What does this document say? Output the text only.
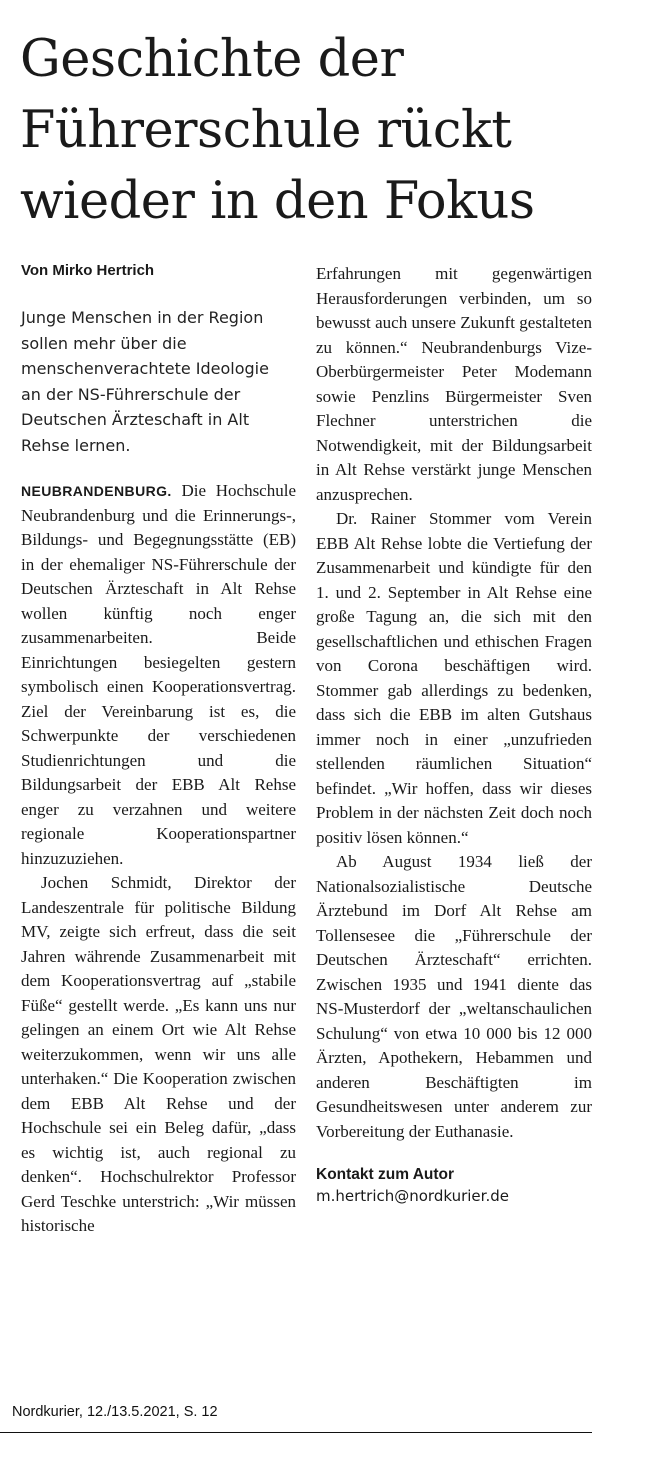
Geschichte der Führerschule rückt wieder in den Fokus

Von Mirko Hertrich

Junge Menschen in der Region sollen mehr über die menschenverachtete Ideologie an der NS-Führerschule der Deutschen Ärzteschaft in Alt Rehse lernen.

NEUBRANDENBURG. Die Hochschule Neubrandenburg und die Erinnerungs-, Bildungs- und Begegnungsstätte (EB) in der ehemaliger NS-Führerschule der Deutschen Ärzteschaft in Alt Rehse wollen künftig noch enger zusammenarbeiten. Beide Einrichtungen besiegelten gestern symbolisch einen Kooperationsvertrag. Ziel der Vereinbarung ist es, die Schwerpunkte der verschiedenen Studienrichtungen und die Bildungsarbeit der EBB Alt Rehse enger zu verzahnen und weitere regionale Kooperationspartner hinzuzuziehen.

Jochen Schmidt, Direktor der Landeszentrale für politische Bildung MV, zeigte sich erfreut, dass die seit Jahren währende Zusammenarbeit mit dem Kooperationsvertrag auf „stabile Füße“ gestellt werde. „Es kann uns nur gelingen an einem Ort wie Alt Rehse weiterzukommen, wenn wir uns alle unterhaken.“ Die Kooperation zwischen dem EBB Alt Rehse und der Hochschule sei ein Beleg dafür, „dass es wichtig ist, auch regional zu denken“. Hochschulrektor Professor Gerd Teschke unterstrich: „Wir müssen historische

Erfahrungen mit gegenwärtigen Herausforderungen verbinden, um so bewusst auch unsere Zukunft gestalteten zu können.“ Neubrandenburgs Vize-Oberbürgermeister Peter Modemann sowie Penzlins Bürgermeister Sven Flechner unterstrichen die Notwendigkeit, mit der Bildungsarbeit in Alt Rehse verstärkt junge Menschen anzusprechen.

Dr. Rainer Stommer vom Verein EBB Alt Rehse lobte die Vertiefung der Zusammenarbeit und kündigte für den 1. und 2. September in Alt Rehse eine große Tagung an, die sich mit den gesellschaftlichen und ethischen Fragen von Corona beschäftigen wird. Stommer gab allerdings zu bedenken, dass sich die EBB im alten Gutshaus immer noch in einer „unzufrieden stellenden räumlichen Situation“ befindet. „Wir hoffen, dass wir dieses Problem in der nächsten Zeit doch noch positiv lösen können.“

Ab August 1934 ließ der Nationalsozialistische Deutsche Ärztebund im Dorf Alt Rehse am Tollensesee die „Führerschule der Deutschen Ärzteschaft“ errichten. Zwischen 1935 und 1941 diente das NS-Musterdorf der „weltanschaulichen Schulung“ von etwa 10 000 bis 12 000 Ärzten, Apothekern, Hebammen und anderen Beschäftigten im Gesundheitswesen unter anderem zur Vorbereitung der Euthanasie.

Kontakt zum Autor

m.hertrich@nordkurier.de

Nordkurier, 12./13.5.2021, S. 12
